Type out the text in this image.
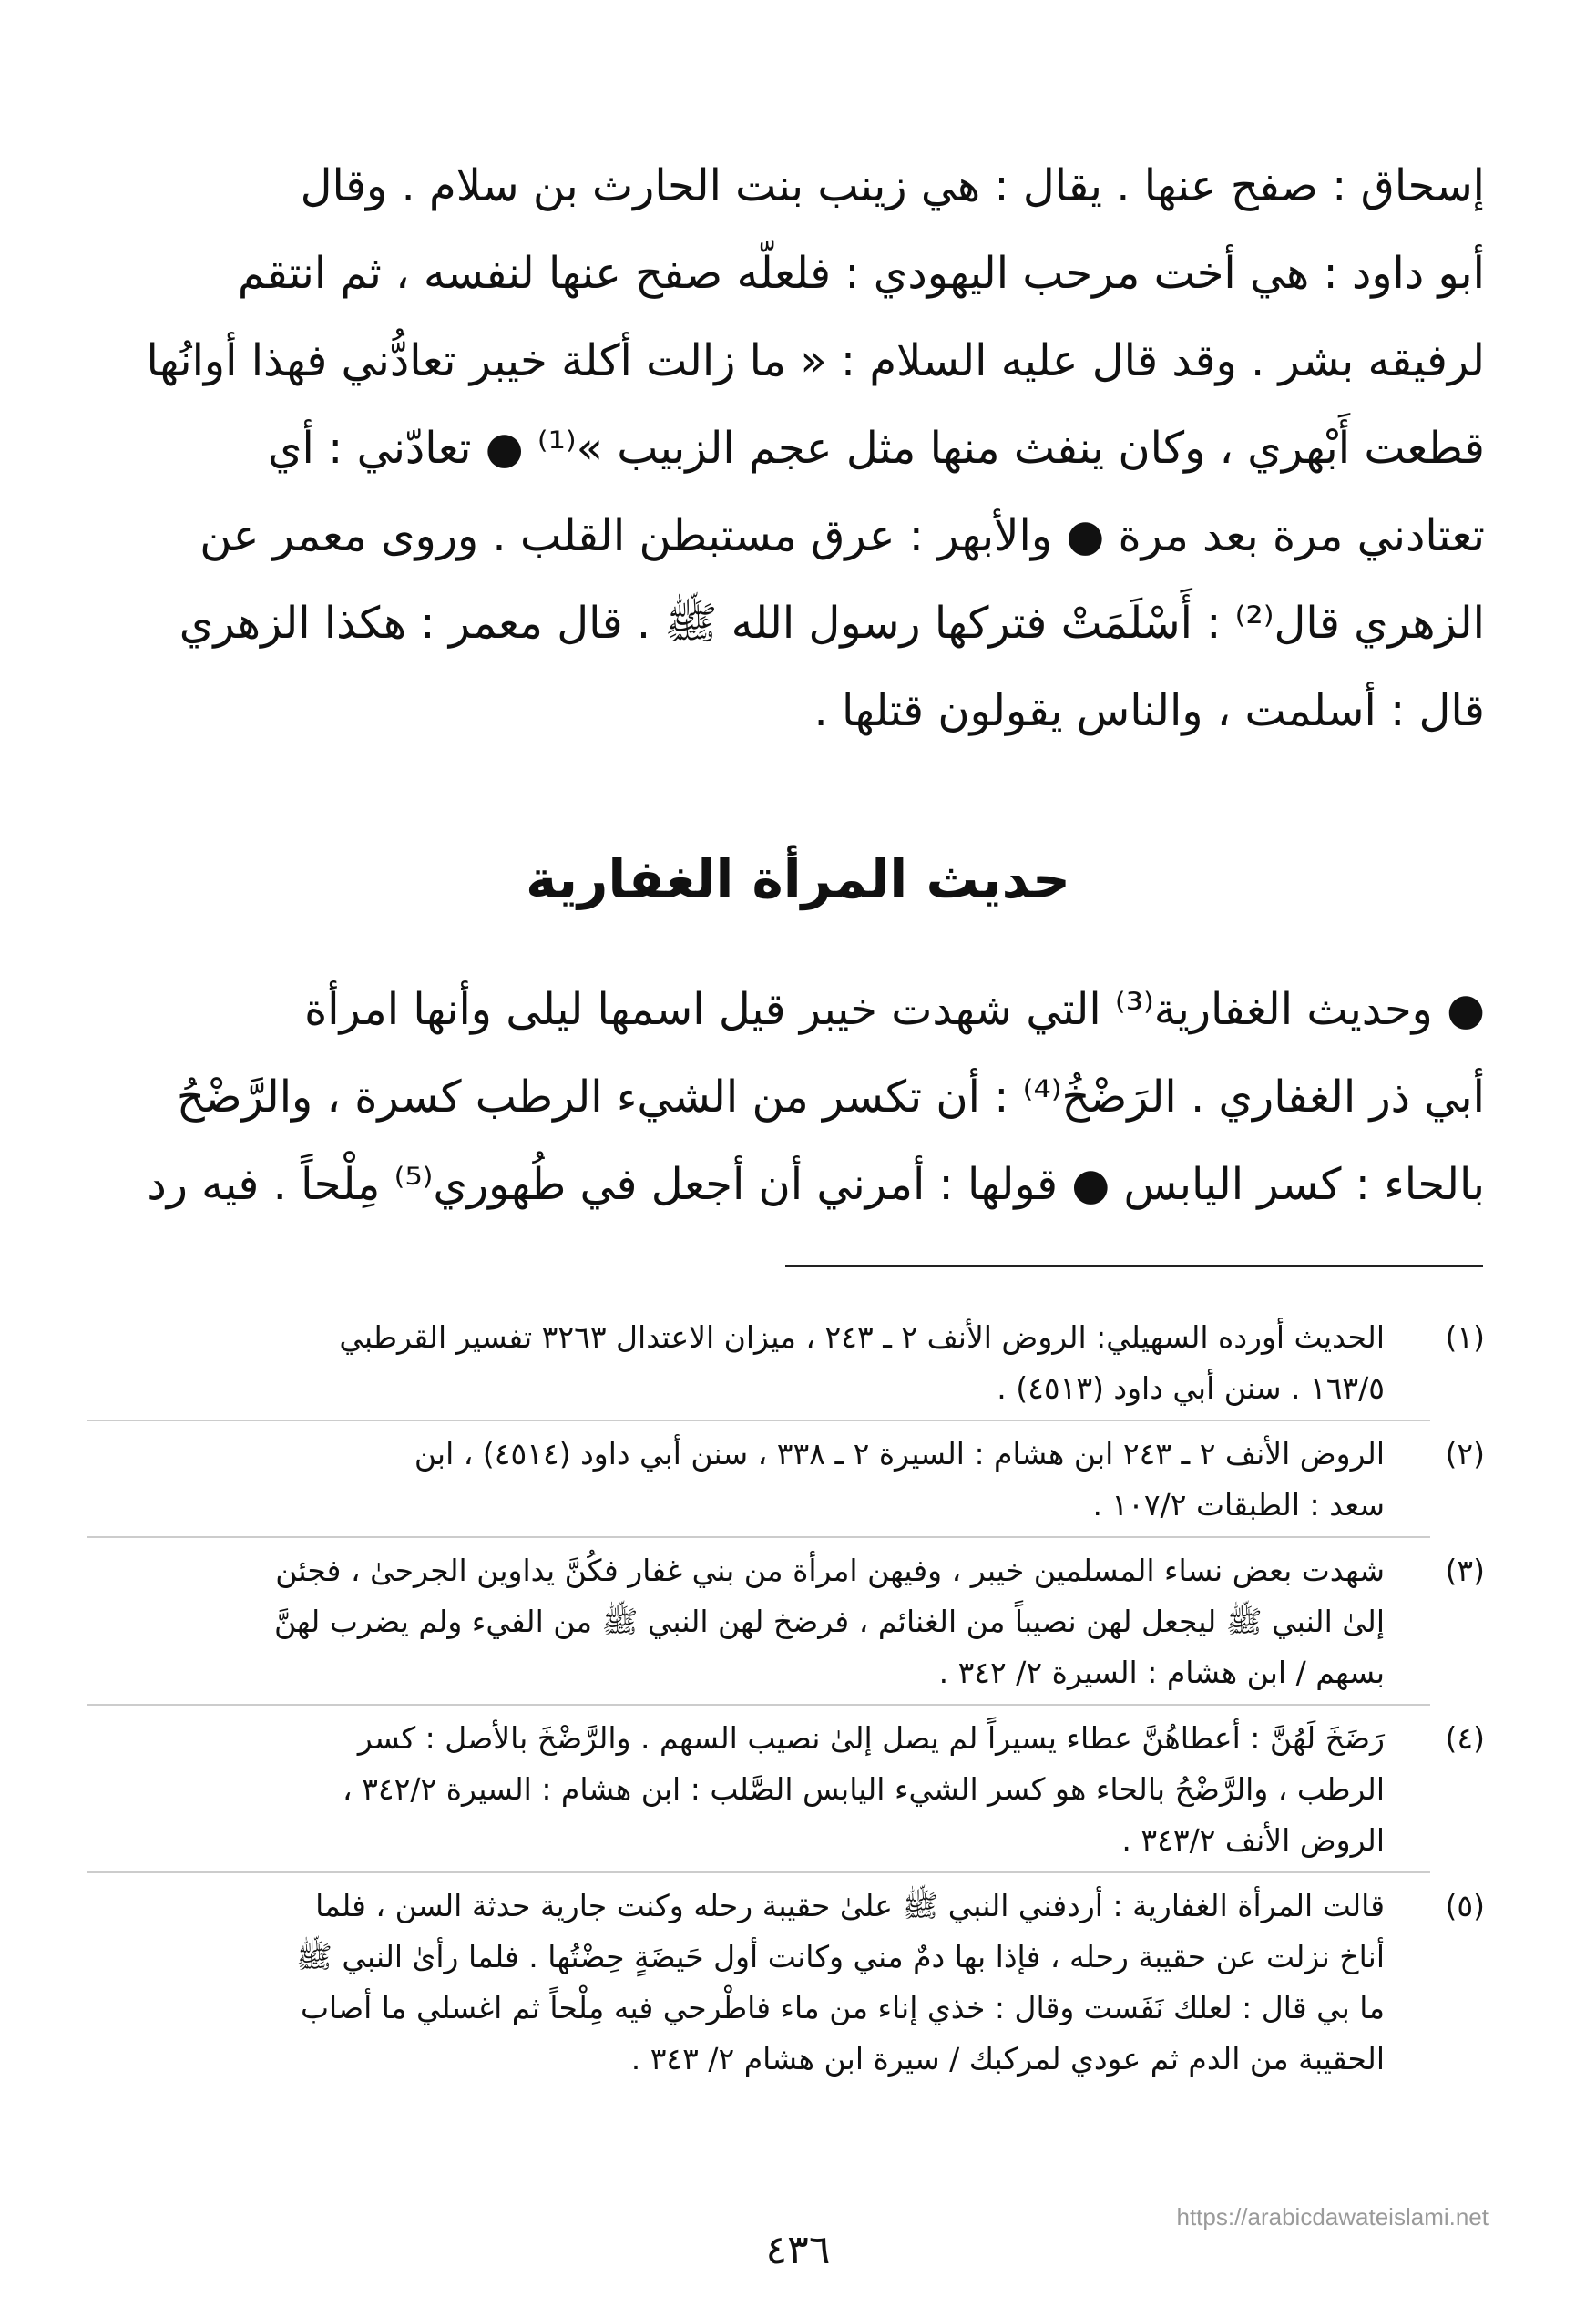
إسحاق : صفح عنها . يقال : هي زينب بنت الحارث بن سلام . وقال
أبو داود : هي أخت مرحب اليهودي : فلعلّه صفح عنها لنفسه ، ثم انتقم
لرفيقه بشر . وقد قال عليه السلام : « ما زالت أكلة خيبر تعادُّني فهذا أوانُها
قطعت أَبْهري ، وكان ينفث منها مثل عجم الزبيب »⁽¹⁾ ● تعادّني : أي
تعتادني مرة بعد مرة ● والأبهر : عرق مستبطن القلب . وروى معمر عن
الزهري قال⁽²⁾ : أَسْلَمَتْ فتركها رسول الله ﷺ . قال معمر : هكذا الزهري
قال : أسلمت ، والناس يقولون قتلها .
حديث المرأة الغفارية
● وحديث الغفارية⁽³⁾ التي شهدت خيبر قيل اسمها ليلى وأنها امرأة
أبي ذر الغفاري . الرَضْخُ⁽⁴⁾ : أن تكسر من الشيء الرطب كسرة ، والرَّضْحُ
بالحاء : كسر اليابس ● قولها : أمرني أن أجعل في طُهوري⁽⁵⁾ مِلْحاً . فيه رد
(١)
الحديث أورده السهيلي: الروض الأنف ٢ ـ ٢٤٣ ، ميزان الاعتدال ٣٢٦٣ تفسير القرطبي
١٦٣/٥ . سنن أبي داود (٤٥١٣) .
(٢)
الروض الأنف ٢ ـ ٢٤٣ ابن هشام : السيرة ٢ ـ ٣٣٨ ، سنن أبي داود (٤٥١٤) ، ابن
سعد : الطبقات ١٠٧/٢ .
(٣)
شهدت بعض نساء المسلمين خيبر ، وفيهن امرأة من بني غفار فكُنَّ يداوين الجرحىٰ ، فجئن
إلىٰ النبي ﷺ ليجعل لهن نصيباً من الغنائم ، فرضخ لهن النبي ﷺ من الفيء ولم يضرب لهنَّ
بسهم / ابن هشام : السيرة ٢/ ٣٤٢ .
(٤)
رَضَخَ لَهُنَّ : أعطاهُنَّ عطاء يسيراً لم يصل إلىٰ نصيب السهم . والرَّضْخَ بالأصل : كسر
الرطب ، والرَّضْحُ بالحاء هو كسر الشيء اليابس الصَّلب : ابن هشام : السيرة ٣٤٢/٢ ،
الروض الأنف ٣٤٣/٢ .
(٥)
قالت المرأة الغفارية : أردفني النبي ﷺ علىٰ حقيبة رحله وكنت جارية حدثة السن ، فلما
أناخ نزلت عن حقيبة رحله ، فإذا بها دمٌ مني وكانت أول حَيضَةٍ حِضْتُها . فلما رأىٰ النبي ﷺ
ما بي قال : لعلك نَفَست وقال : خذي إناء من ماء فاطْرحي فيه مِلْحاً ثم اغسلي ما أصاب
الحقيبة من الدم ثم عودي لمركبك / سيرة ابن هشام ٢/ ٣٤٣ .
https://arabicdawateislami.net
٤٣٦
